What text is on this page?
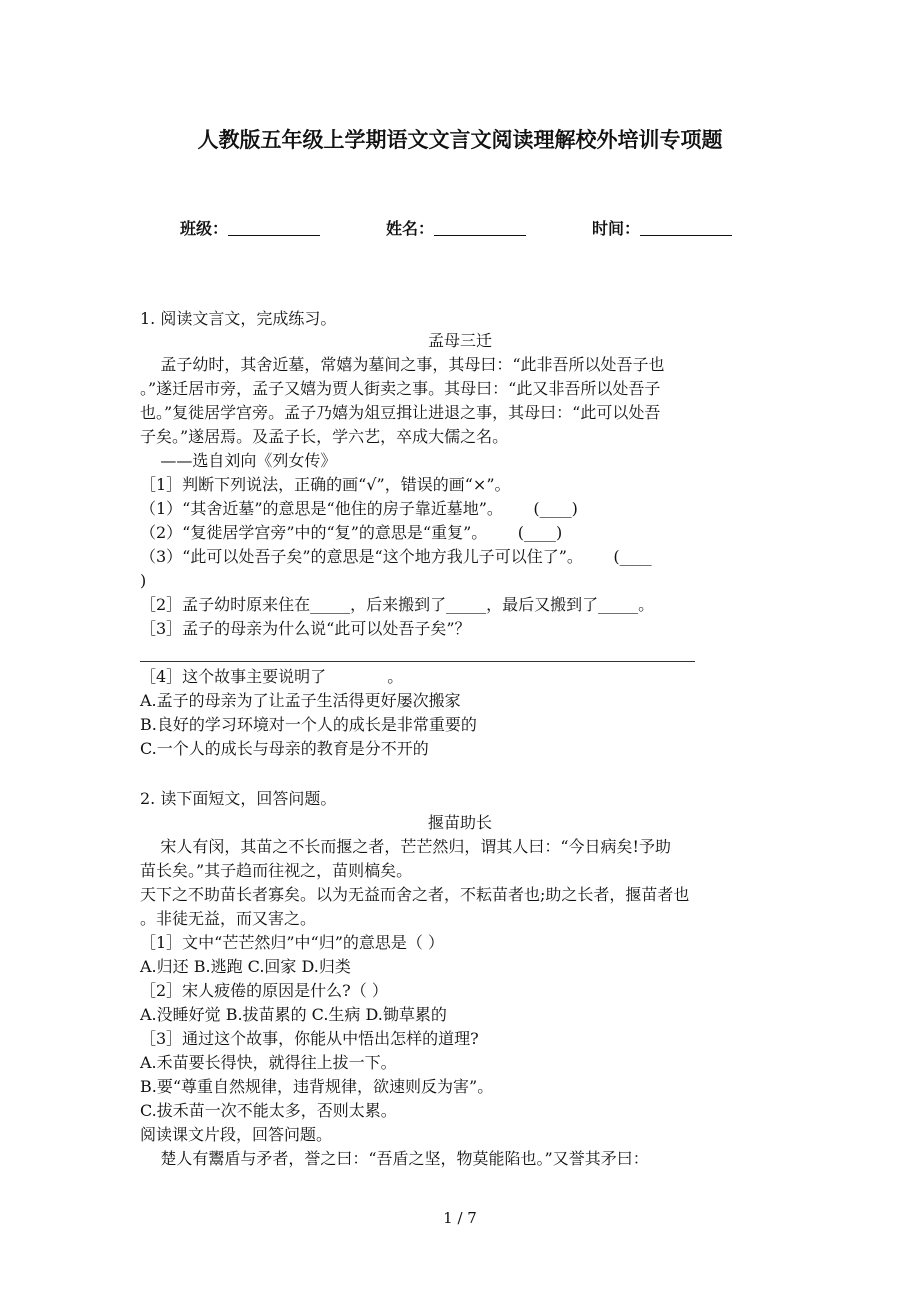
人教版五年级上学期语文文言文阅读理解校外培训专项题
班级：	姓名：	时间：
1. 阅读文言文，完成练习。
孟母三迁
孟子幼时，其舍近墓，常嬉为墓间之事，其母曰：“此非吾所以处吾子也
。”遂迁居市旁，孟子又嬉为贾人街卖之事。其母曰：“此又非吾所以处吾子
也。”复徙居学宫旁。孟子乃嬉为俎豆揖让进退之事，其母曰：“此可以处吾
子矣。”遂居焉。及孟子长，学六艺，卒成大儒之名。
——选自刘向《列女传》
［1］判断下列说法，正确的画“√”，错误的画“×”。
（1）“其舍近墓”的意思是“他住的房子靠近墓地”。      (____)
（2）“复徙居学宫旁”中的“复”的意思是“重复”。      (____)
（3）“此可以处吾子矣”的意思是“这个地方我儿子可以住了”。      (____
)
［2］孟子幼时原来住在_____，后来搬到了_____，最后又搬到了_____。
［3］孟子的母亲为什么说“此可以处吾子矣”？
［4］这个故事主要说明了            。
A.孟子的母亲为了让孟子生活得更好屡次搬家
B.良好的学习环境对一个人的成长是非常重要的
C.一个人的成长与母亲的教育是分不开的
2. 读下面短文，回答问题。
揠苗助长
宋人有闵，其苗之不长而揠之者，芒芒然归，谓其人曰：“今日病矣!予助
苗长矣。”其子趋而往视之，苗则槁矣。
天下之不助苗长者寡矣。以为无益而舍之者，不耘苗者也;助之长者，揠苗者也
。非徒无益，而又害之。
［1］文中“芒芒然归”中“归”的意思是（ ）
A.归还 B.逃跑 C.回家 D.归类
［2］宋人疲倦的原因是什么?（ ）
A.没睡好觉 B.拔苗累的 C.生病 D.锄草累的
［3］通过这个故事，你能从中悟出怎样的道理?
A.禾苗要长得快，就得往上拔一下。
B.要“尊重自然规律，违背规律，欲速则反为害”。
C.拔禾苗一次不能太多，否则太累。
阅读课文片段，回答问题。
楚人有鬻盾与矛者，誉之曰：“吾盾之坚，物莫能陷也。”又誉其矛曰：
1 / 7
